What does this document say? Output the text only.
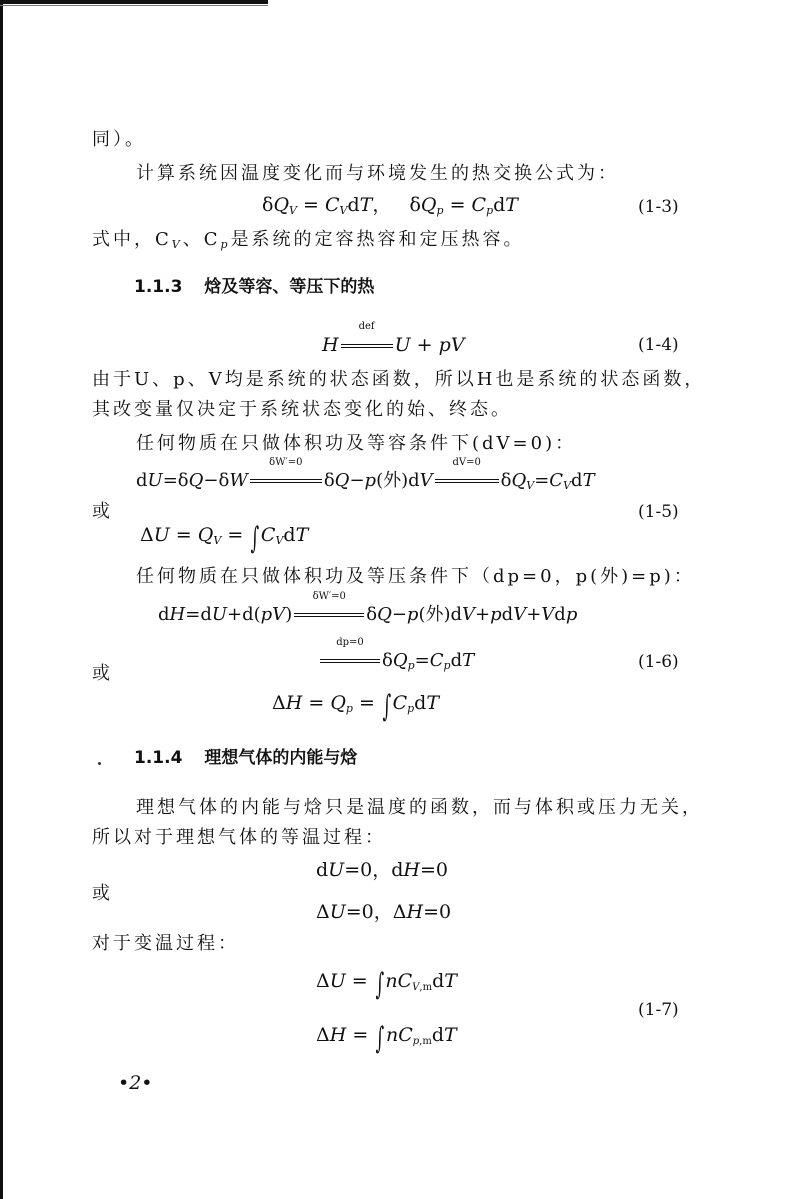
同）。
计算系统因温度变化而与环境发生的热交换公式为：
$\delta Q_V = C_VdT$，   $\delta Q_p = C_pdT$	(1-3)
式中，$C_V$、$C_p$是系统的定容热容和定压热容。
1.1.3 焓及等容、等压下的热
H
def
U + pV	(1-4)
由于U、p、V均是系统的状态函数，所以H也是系统的状态函数，
其改变量仅决定于系统状态变化的始、终态。
任何物质在只做体积功及等容条件下(dV=0)：
dU=δQ−δW
δW′=0
δQ−p(外)dV
dV=0
$\delta Q_V=C_VdT$
或	(1-5)
$\Delta U = Q_V = \int C_VdT$
任何物质在只做体积功及等压条件下（dp=0，p(外)=p)：
dH=dU+d(pV)
δW′=0
δQ−p(外)dV+pdV+Vdp
dp=0
$\delta Q_p=C_pdT$	(1-6)
或
$\Delta H = Q_p = \int C_pdT$
1.1.4 理想气体的内能与焓
理想气体的内能与焓只是温度的函数，而与体积或压力无关，
所以对于理想气体的等温过程：
dU=0，dH=0
或
ΔU=0，ΔH=0
对于变温过程：
$\Delta U = \int nC_{V,m}dT$
(1-7)
$\Delta H = \int nC_{p,m}dT$
•2•
